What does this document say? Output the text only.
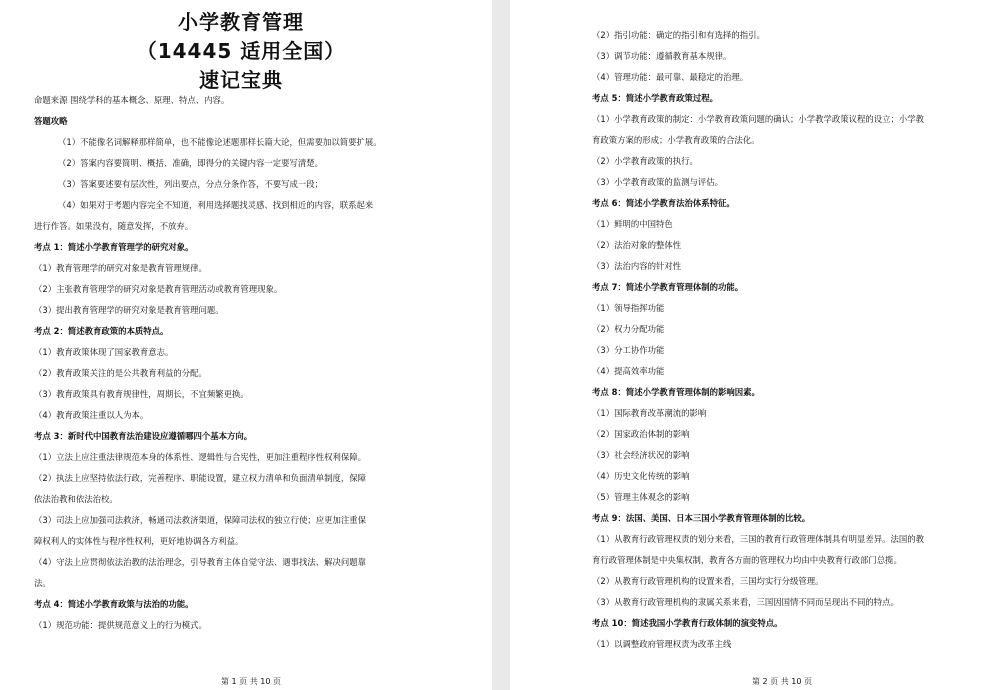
小学教育管理
（14445 适用全国）
速记宝典
命题来源 围绕学科的基本概念、原理、特点、内容。
答题攻略
（1）不能像名词解释那样简单，也不能像论述题那样长篇大论，但需要加以简要扩展。
（2）答案内容要简明、概括、准确，即得分的关键内容一定要写清楚。
（3）答案要述要有层次性，列出要点，分点分条作答，不要写成一段；
（4）如果对于考题内容完全不知道，利用选择题找灵感、找到相近的内容，联系起来
进行作答。如果没有，随意发挥，不放弃。
考点 1：简述小学教育管理学的研究对象。
（1）教育管理学的研究对象是教育管理规律。
（2）主张教育管理学的研究对象是教育管理活动或教育管理现象。
（3）提出教育管理学的研究对象是教育管理问题。
考点 2：简述教育政策的本质特点。
（1）教育政策体现了国家教育意志。
（2）教育政策关注的是公共教育利益的分配。
（3）教育政策具有教育规律性，周期长，不宜频繁更换。
（4）教育政策注重以人为本。
考点 3：新时代中国教育法治建设应遵循哪四个基本方向。
（1）立法上应注重法律规范本身的体系性、逻辑性与合宪性，更加注重程序性权利保障。
（2）执法上应坚持依法行政，完善程序、职能设置，建立权力清单和负面清单制度，保障
依法治教和依法治校。
（3）司法上应加强司法救济，畅通司法救济渠道，保障司法权的独立行使；应更加注重保
障权利人的实体性与程序性权利，更好地协调各方利益。
（4）守法上应贯彻依法治教的法治理念，引导教育主体自觉守法、遇事找法、解决问题靠
法。
考点 4：简述小学教育政策与法治的功能。
（1）规范功能：提供规范意义上的行为模式。
第 1 页 共 10 页
（2）指引功能：确定的指引和有选择的指引。
（3）调节功能：遵循教育基本规律。
（4）管理功能：最可靠、最稳定的治理。
考点 5：简述小学教育政策过程。
（1）小学教育政策的制定：小学教育政策问题的确认；小学教学政策议程的设立；小学教
育政策方案的形成；小学教育政策的合法化。
（2）小学教育政策的执行。
（3）小学教育政策的监测与评估。
考点 6：简述小学教育法治体系特征。
（1）鲜明的中国特色
（2）法治对象的整体性
（3）法治内容的针对性
考点 7：简述小学教育管理体制的功能。
（1）领导指挥功能
（2）权力分配功能
（3）分工协作功能
（4）提高效率功能
考点 8：简述小学教育管理体制的影响因素。
（1）国际教育改革潮流的影响
（2）国家政治体制的影响
（3）社会经济状况的影响
（4）历史文化传统的影响
（5）管理主体观念的影响
考点 9：法国、美国、日本三国小学教育管理体制的比较。
（1）从教育行政管理权责的划分来看，三国的教育行政管理体制具有明显差异。法国的教
育行政管理体制是中央集权制，教育各方面的管理权力均由中央教育行政部门总揽。
（2）从教育行政管理机构的设置来看，三国均实行分级管理。
（3）从教育行政管理机构的隶属关系来看，三国因国情不同而呈现出不同的特点。
考点 10：简述我国小学教育行政体制的演变特点。
（1）以调整政府管理权责为改革主线
第 2 页 共 10 页
